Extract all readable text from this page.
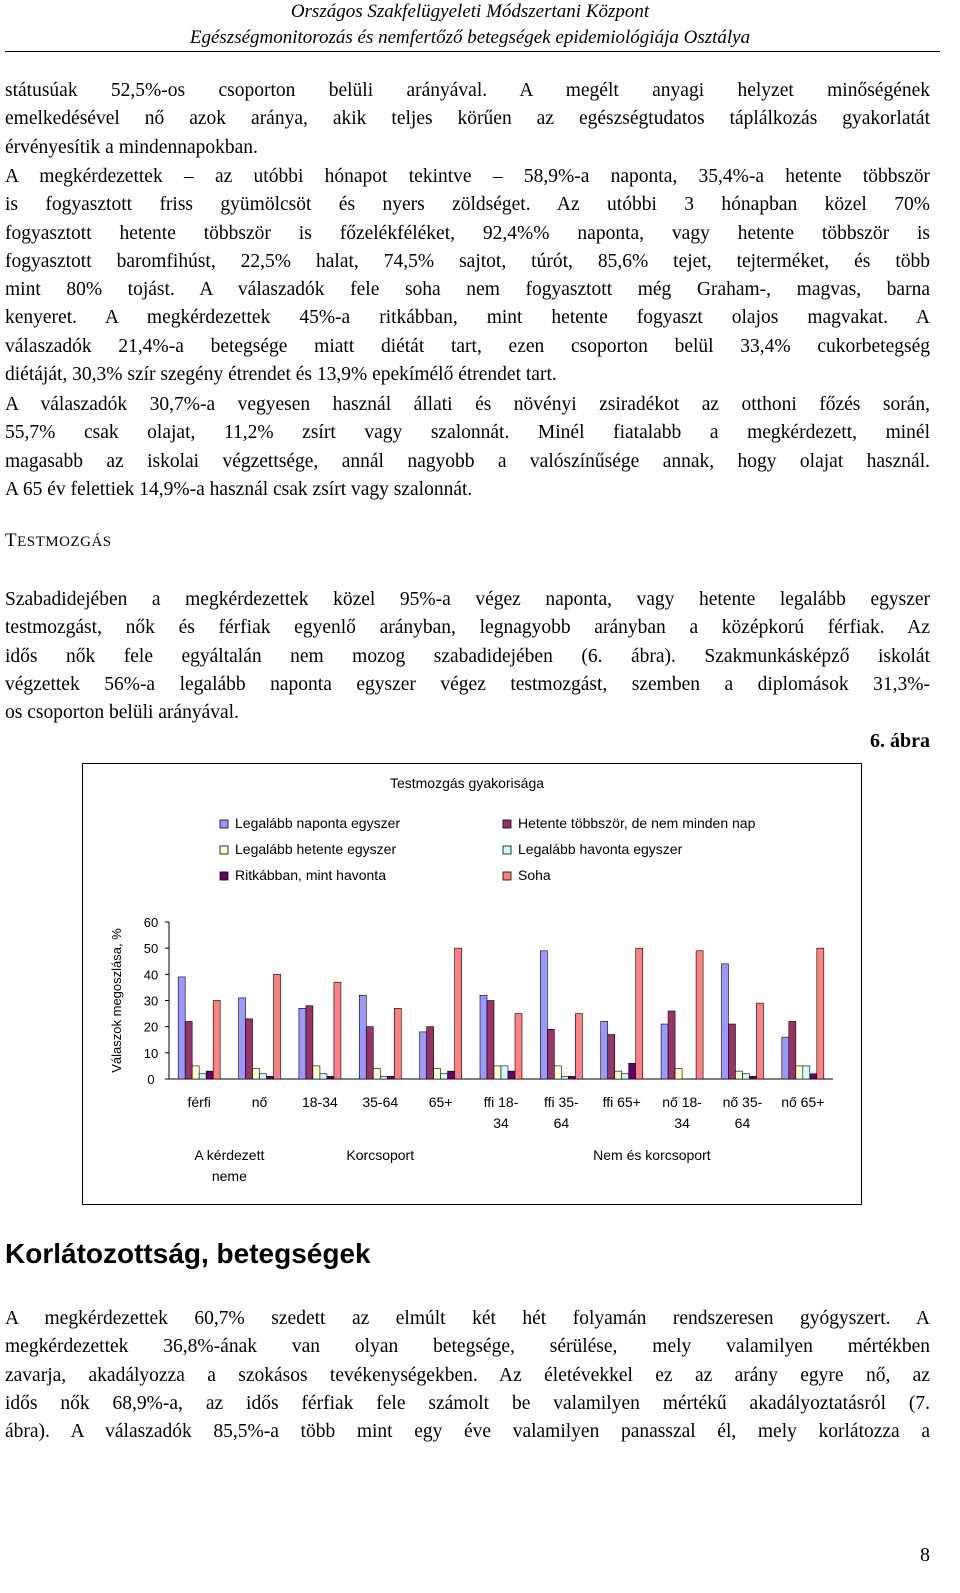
Országos Szakfelügyeleti Módszertani Központ
Egészségmonitorozás és nemfertőző betegségek epidemiológiája Osztálya
státusúak 52,5%-os csoporton belüli arányával. A megélt anyagi helyzet minőségének
emelkedésével nő azok aránya, akik teljes körűen az egészségtudatos táplálkozás gyakorlatát
érvényesítik a mindennapokban.
A megkérdezettek – az utóbbi hónapot tekintve – 58,9%-a naponta, 35,4%-a hetente többször
is fogyasztott friss gyümölcsöt és nyers zöldséget. Az utóbbi 3 hónapban közel 70%
fogyasztott hetente többször is főzelékféléket, 92,4%% naponta, vagy hetente többször is
fogyasztott baromfihúst, 22,5% halat, 74,5% sajtot, túrót, 85,6% tejet, tejterméket, és több
mint 80% tojást. A válaszadók fele soha nem fogyasztott még Graham-, magvas, barna
kenyeret. A megkérdezettek 45%-a ritkábban, mint hetente fogyaszt olajos magvakat. A
válaszadók 21,4%-a betegsége miatt diétát tart, ezen csoporton belül 33,4% cukorbetegség
diétáját, 30,3% szír szegény étrendet és 13,9% epekímélő étrendet tart.
A válaszadók 30,7%-a vegyesen használ állati és növényi zsiradékot az otthoni főzés során,
55,7% csak olajat, 11,2% zsírt vagy szalonnát. Minél fiatalabb a megkérdezett, minél
magasabb az iskolai végzettsége, annál nagyobb a valószínűsége annak, hogy olajat használ.
A 65 év felettiek 14,9%-a használ csak zsírt vagy szalonnát.
TESTMOZGÁS
Szabadidejében a megkérdezettek közel 95%-a végez naponta, vagy hetente legalább egyszer
testmozgást, nők és férfiak egyenlő arányban, legnagyobb arányban a középkorú férfiak. Az
idős nők fele egyáltalán nem mozog szabadidejében (6. ábra). Szakmunkásképző iskolát
végzettek 56%-a legalább naponta egyszer végez testmozgást, szemben a diplomások 31,3%-
os csoporton belüli arányával.
6. ábra
Testmozgás gyakorisága
Legalább naponta egyszer	Hetente többször, de nem minden nap
Legalább hetente egyszer	Legalább havonta egyszer
Ritkábban, mint havonta	Soha
Válaszok megoszlása, %
0
10
20
30
40
50
60
férfi	nő 18-34 35-64 65+ ffi 18-
34
ffi 35-
64
ffi 65+ nő 18-
34
nő 35-
64
nő 65+
A kérdezett
neme
Korcsoport	Nem és korcsoport
Korlátozottság, betegségek
A megkérdezettek 60,7% szedett az elmúlt két hét folyamán rendszeresen gyógyszert. A
megkérdezettek 36,8%-ának van olyan betegsége, sérülése, mely valamilyen mértékben
zavarja, akadályozza a szokásos tevékenységekben. Az életévekkel ez az arány egyre nő, az
idős nők 68,9%-a, az idős férfiak fele számolt be valamilyen mértékű akadályoztatásról (7.
ábra). A válaszadók 85,5%-a több mint egy éve valamilyen panasszal él, mely korlátozza a
8
